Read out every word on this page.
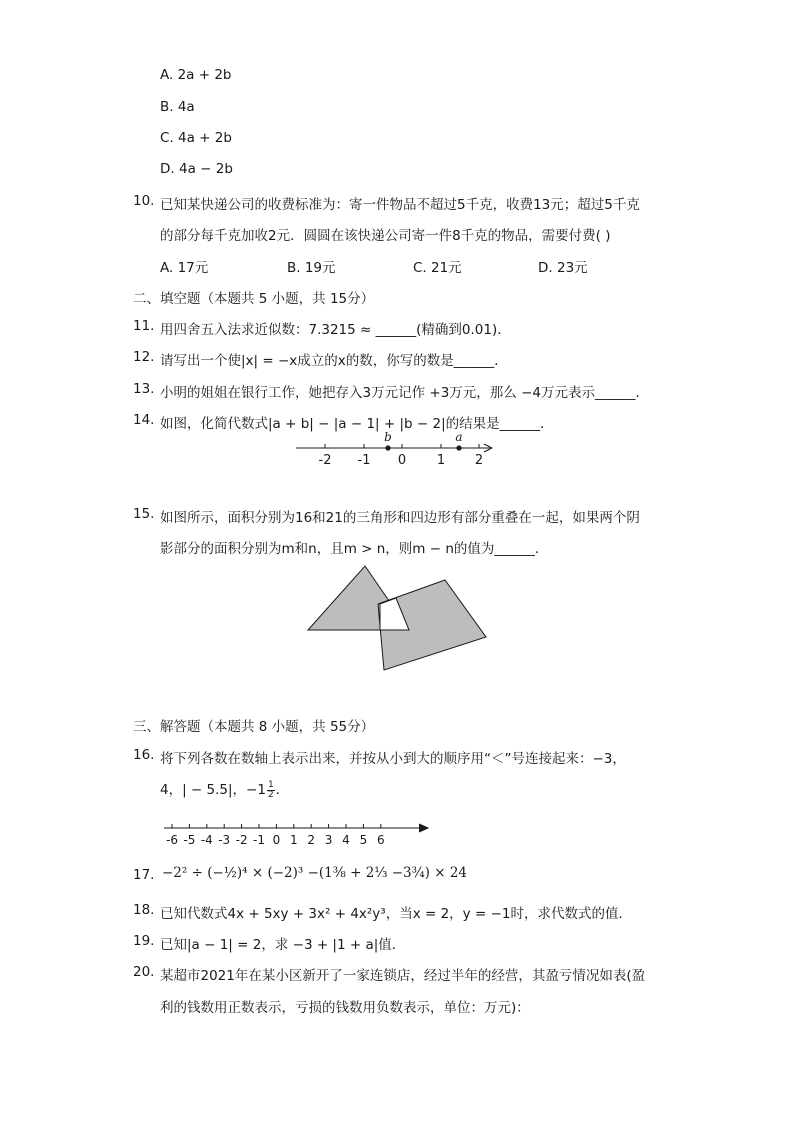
A. 2a + 2b
B. 4a
C. 4a + 2b
D. 4a − 2b
10. 已知某快递公司的收费标准为：寄一件物品不超过5千克，收费13元；超过5千克
的部分每千克加收2元．圆圆在该快递公司寄一件8千克的物品，需要付费( )
A. 17元	B. 19元	C. 21元	D. 23元
二、填空题（本题共 5 小题，共 15分）
11. 用四舍五入法求近似数：7.3215 ≈ ______(精确到0.01)．
12. 请写出一个使|x| = −x成立的x的数，你写的数是______．
13. 小明的姐姐在银行工作，她把存入3万元记作 +3万元，那么 −4万元表示______．
14. 如图，化简代数式|a + b| − |a − 1| + |b − 2|的结果是______．
-2 -1 0 1 2
b	a
15. 如图所示，面积分别为16和21的三角形和四边形有部分重叠在一起，如果两个阴
影部分的面积分别为m和n，且m > n，则m − n的值为______．
三、解答题（本题共 8 小题，共 55分）
16. 将下列各数在数轴上表示出来，并按从小到大的顺序用“＜”号连接起来：−3，
4，| − 5.5|，$-1 \frac{1}{2}$ ．
-6 -5 -4 -3 -2 -1 0 1 2 3 4 5 6
17. −2² ÷ (−½)⁴ × (−2)³ −(1⅜ + 2⅓ −3¾) × 24
18. 已知代数式4x + 5xy + 3x² + 4x²y³，当x = 2，y = −1时，求代数式的值．
19. 已知|a − 1| = 2，求 −3 + |1 + a|值．
20. 某超市2021年在某小区新开了一家连锁店，经过半年的经营，其盈亏情况如表(盈
利的钱数用正数表示，亏损的钱数用负数表示，单位：万元)：
